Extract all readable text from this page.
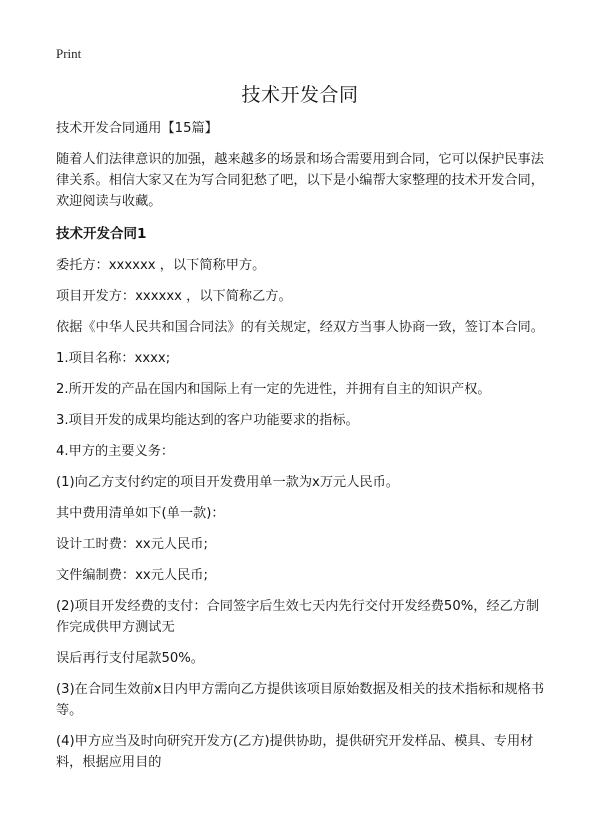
Print
技术开发合同

技术开发合同通用【15篇】

随着人们法律意识的加强，越来越多的场景和场合需要用到合同，它可以保护民事法律关系。相信大家又在为写合同犯愁了吧，以下是小编帮大家整理的技术开发合同，欢迎阅读与收藏。

技术开发合同1

委托方：xxxxxx ，以下简称甲方。

项目开发方：xxxxxx ，以下简称乙方。

依据《中华人民共和国合同法》的有关规定，经双方当事人协商一致，签订本合同。

1.项目名称：xxxx;

2.所开发的产品在国内和国际上有一定的先进性，并拥有自主的知识产权。

3.项目开发的成果均能达到的客户功能要求的指标。

4.甲方的主要义务：

(1)向乙方支付约定的项目开发费用单一款为x万元人民币。

其中费用清单如下(单一款)：

设计工时费：xx元人民币;

文件编制费：xx元人民币;

(2)项目开发经费的支付：合同签字后生效七天内先行交付开发经费50%，经乙方制作完成供甲方测试无

误后再行支付尾款50%。

(3)在合同生效前x日内甲方需向乙方提供该项目原始数据及相关的技术指标和规格书等。

(4)甲方应当及时向研究开发方(乙方)提供协助，提供研究开发样品、模具、专用材料，根据应用目的
